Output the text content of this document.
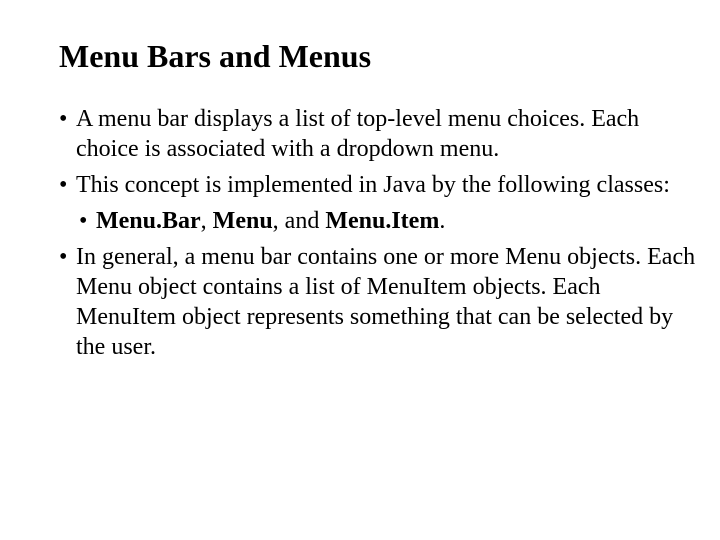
Menu Bars and Menus
• A menu bar displays a list of top-level menu choices. Each choice is associated with a dropdown menu.
• This concept is implemented in Java by the following classes:
• Menu.Bar, Menu, and Menu.Item.
• In general, a menu bar contains one or more Menu objects. Each Menu object contains a list of MenuItem objects. Each MenuItem object represents something that can be selected by the user.
